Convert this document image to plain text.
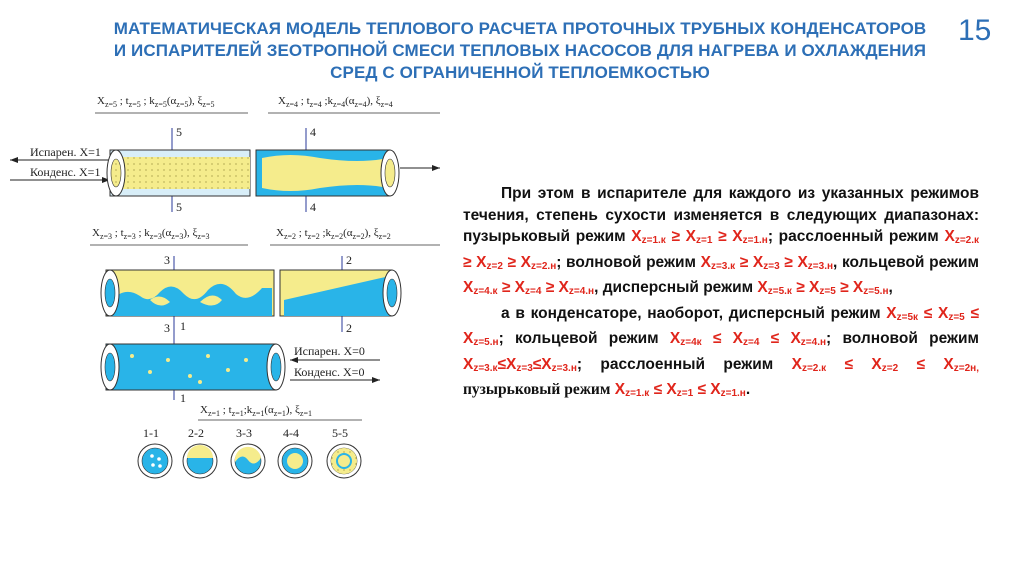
МАТЕМАТИЧЕСКАЯ МОДЕЛЬ ТЕПЛОВОГО РАСЧЕТА ПРОТОЧНЫХ ТРУБНЫХ КОНДЕНСАТОРОВ И ИСПАРИТЕЛЕЙ ЗЕОТРОПНОЙ СМЕСИ ТЕПЛОВЫХ НАСОСОВ ДЛЯ НАГРЕВА И ОХЛАЖДЕНИЯ СРЕД С ОГРАНИЧЕННОЙ ТЕПЛОЕМКОСТЬЮ
15
$X_{z=5}$ ; $t_{z=5}$ ; $k_{z=5}(\alpha_{z=5})$, $\xi_{z=5}$	$X_{z=4}$ ; $t_{z=4}$ $;k_{z=4}(\alpha_{z=4})$, $\xi_{z=4}$
5	4
5	4
Испарен. X=1
Конденс. X=1
$X_{z=3}$ ; $t_{z=3}$ ; $k_{z=3}(\alpha_{z=3})$, $\xi_{z=3}$	$X_{z=2}$ ; $t_{z=2}$ $;k_{z=2}(\alpha_{z=2})$, $\xi_{z=2}$
3	2
3	2
1
Испарен. X=0
Конденс. X=0
1
$X_{z=1}$ ; $t_{z=1};k_{z=1}(\alpha_{z=1})$, $\xi_{z=1}$
1-1 2-2	3-3	4-4	5-5

При этом в испарителе для каждого из указанных режимов течения, степень сухости изменяется в следующих диапазонах: пузырьковый режим $X_{z=1.к} \ge X_{z=1} \ge X_{z=1.н}$; расслоенный режим $X_{z=2.к} \ge X_{z=2} \ge X_{z=2.н}$; волновой режим $X_{z=3.к} \ge X_{z=3} \ge X_{z=3.н}$, кольцевой режим $X_{z=4.к} \ge X_{z=4} \ge X_{z=4.н}$, дисперсный режим $X_{z=5.к} \ge X_{z=5} \ge X_{z=5.н}$,

а в конденсаторе, наоборот, дисперсный режим $X_{z=5к} \le X_{z=5} \le X_{z=5.н}$; кольцевой режим $X_{z=4к} \le X_{z=4} \le X_{z=4.н}$; волновой режим $X_{z=3.к}\le X_{z=3}\le X_{z=3.н}$; расслоенный режим $X_{z=2.к} \le X_{z=2} \le X_{z=2н,}$ пузырьковый режим $X_{z=1.к} \le X_{z=1} \le X_{z=1.н}$.
